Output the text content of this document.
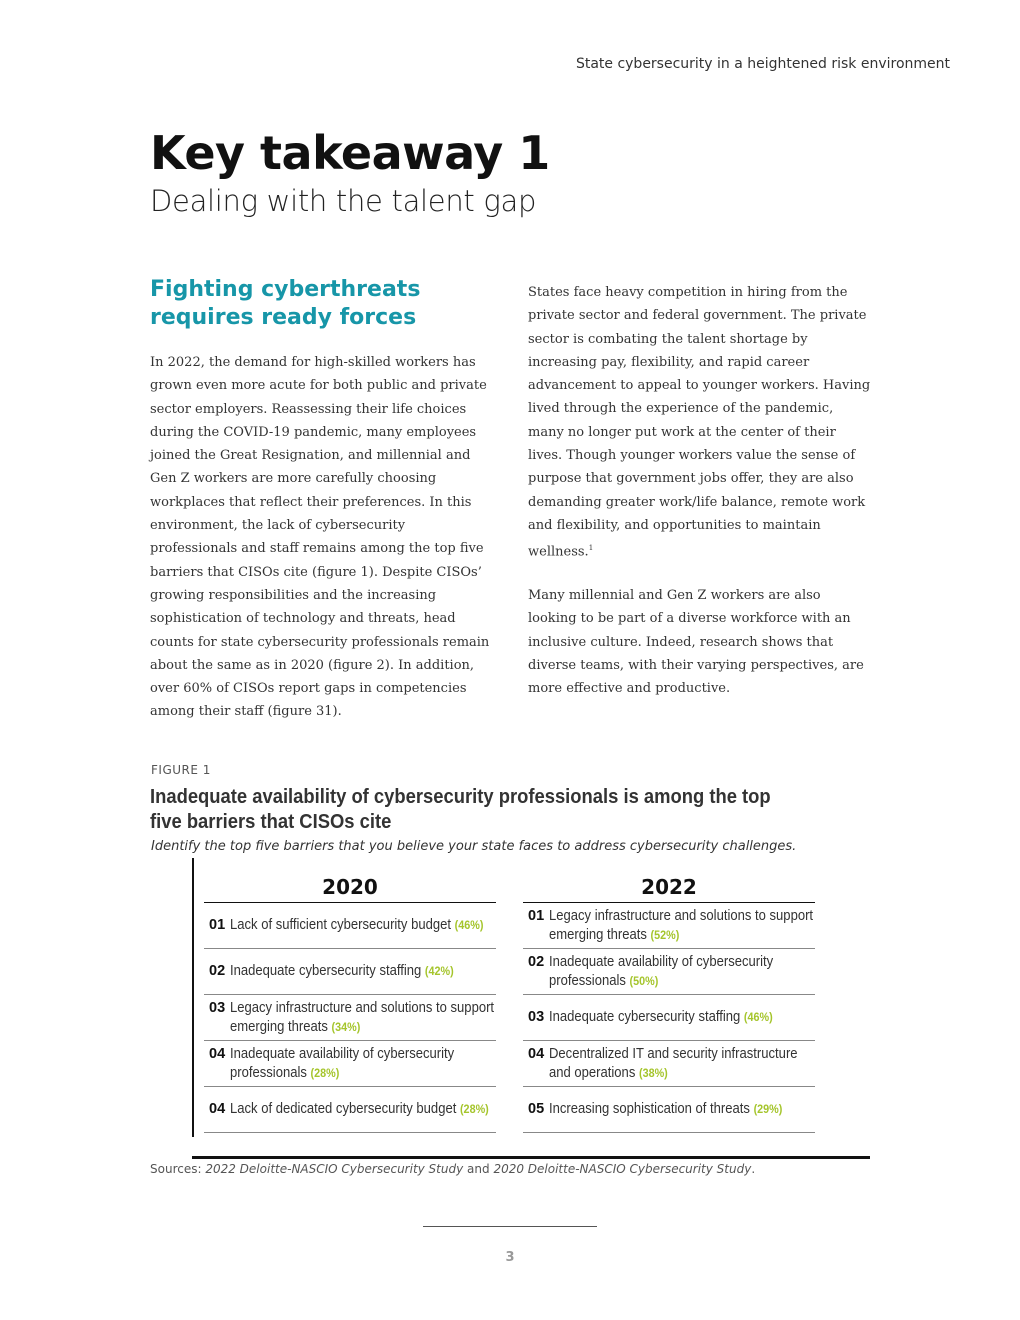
State cybersecurity in a heightened risk environment
Key takeaway 1
Dealing with the talent gap
Fighting cyberthreats requires ready forces

In 2022, the demand for high-skilled workers has grown even more acute for both public and private sector employers. Reassessing their life choices during the COVID-19 pandemic, many employees joined the Great Resignation, and millennial and Gen Z workers are more carefully choosing workplaces that reflect their preferences. In this environment, the lack of cybersecurity professionals and staff remains among the top five barriers that CISOs cite (figure 1). Despite CISOs’ growing responsibilities and the increasing sophistication of technology and threats, head counts for state cybersecurity professionals remain about the same as in 2020 (figure 2). In addition, over 60% of CISOs report gaps in competencies among their staff (figure 31).

States face heavy competition in hiring from the private sector and federal government. The private sector is combating the talent shortage by increasing pay, flexibility, and rapid career advancement to appeal to younger workers. Having lived through the experience of the pandemic, many no longer put work at the center of their lives. Though younger workers value the sense of purpose that government jobs offer, they are also demanding greater work/life balance, remote work and flexibility, and opportunities to maintain wellness.$^1$

Many millennial and Gen Z workers are also looking to be part of a diverse workforce with an inclusive culture. Indeed, research shows that diverse teams, with their varying perspectives, are more effective and productive.

FIGURE 1
Inadequate availability of cybersecurity professionals is among the top five barriers that CISOs cite
Identify the top five barriers that you believe your state faces to address cybersecurity challenges.
2020
01 Lack of sufficient cybersecurity budget (46%)
02 Inadequate cybersecurity staffing (42%)
03 Legacy infrastructure and solutions to support
emerging threats (34%)
04 Inadequate availability of cybersecurity
professionals (28%)
04 Lack of dedicated cybersecurity budget (28%)
2022
01 Legacy infrastructure and solutions to support
emerging threats (52%)
02 Inadequate availability of cybersecurity
professionals (50%)
03 Inadequate cybersecurity staffing (46%)
04 Decentralized IT and security infrastructure
and operations (38%)
05 Increasing sophistication of threats (29%)
Sources: 2022 Deloitte-NASCIO Cybersecurity Study and 2020 Deloitte-NASCIO Cybersecurity Study.
3
